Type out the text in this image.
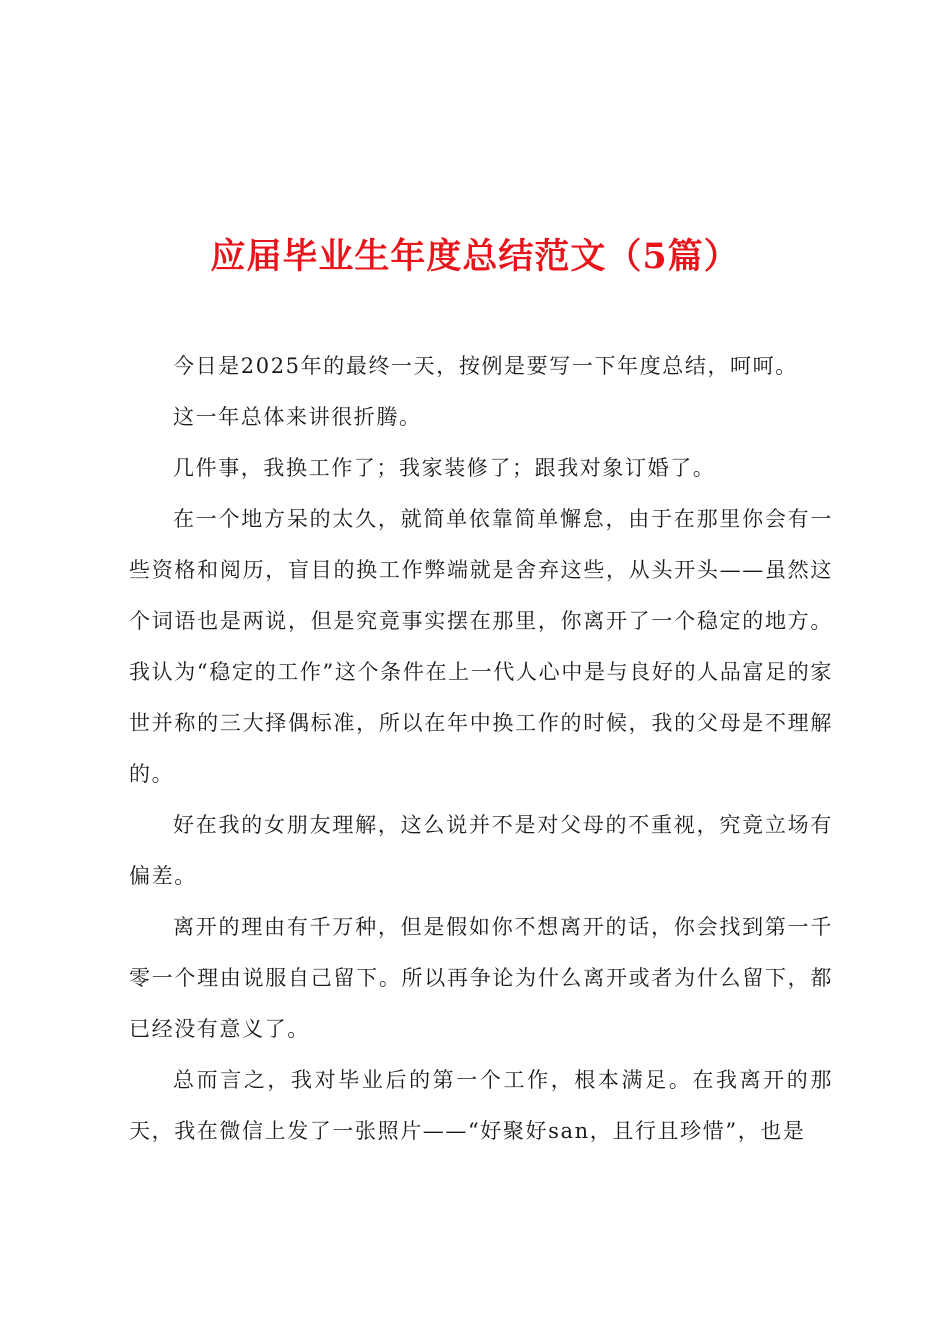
应届毕业生年度总结范文（5篇）

今日是2025年的最终一天，按例是要写一下年度总结，呵呵。

这一年总体来讲很折腾。

几件事，我换工作了；我家装修了；跟我对象订婚了。

在一个地方呆的太久，就简单依靠简单懈怠，由于在那里你会有一些资格和阅历，盲目的换工作弊端就是舍弃这些，从头开头——虽然这个词语也是两说，但是究竟事实摆在那里，你离开了一个稳定的地方。我认为“稳定的工作”这个条件在上一代人心中是与良好的人品富足的家世并称的三大择偶标准，所以在年中换工作的时候，我的父母是不理解的。

好在我的女朋友理解，这么说并不是对父母的不重视，究竟立场有偏差。

离开的理由有千万种，但是假如你不想离开的话，你会找到第一千零一个理由说服自己留下。所以再争论为什么离开或者为什么留下，都已经没有意义了。

总而言之，我对毕业后的第一个工作，根本满足。在我离开的那天，我在微信上发了一张照片——“好聚好san，且行且珍惜”，也是
